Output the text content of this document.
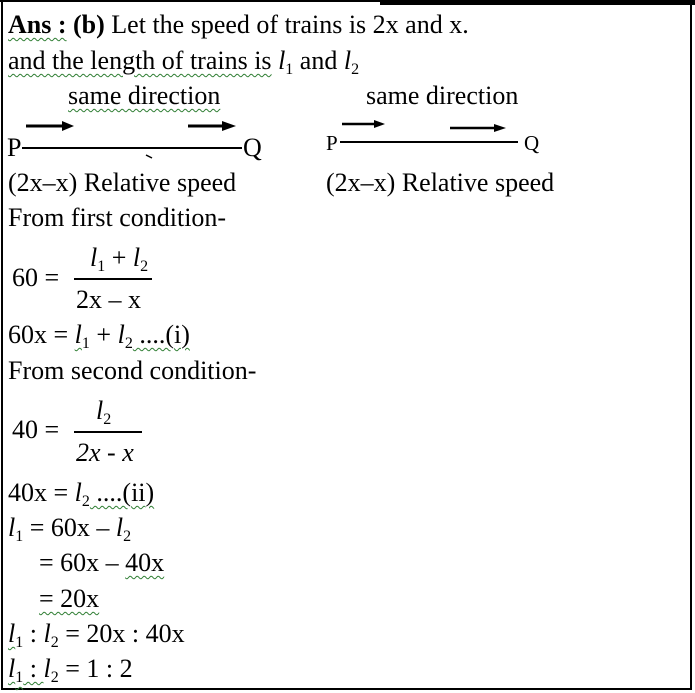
Ans : (b) Let the speed of trains is 2x and x.
and the length of trains is $l_1$ and $l_2$
same direction
P	Q
(2x–x) Relative speed
same direction
P	Q
(2x–x) Relative speed
From first condition-
60 =
$l_1 + l_2$
2x – x
$60x = l_1 + l_2$ ....(i)
From second condition-
40 =
$l_2$
2x - x
$40x = l_2$ ....(ii)
$l_1 = 60x - l_2$
= 60x – 40x
= 20x
$l_1$ : $l_2 = 20x$ : 40x
$l_1$ : $l_2 = 1$ : 2
